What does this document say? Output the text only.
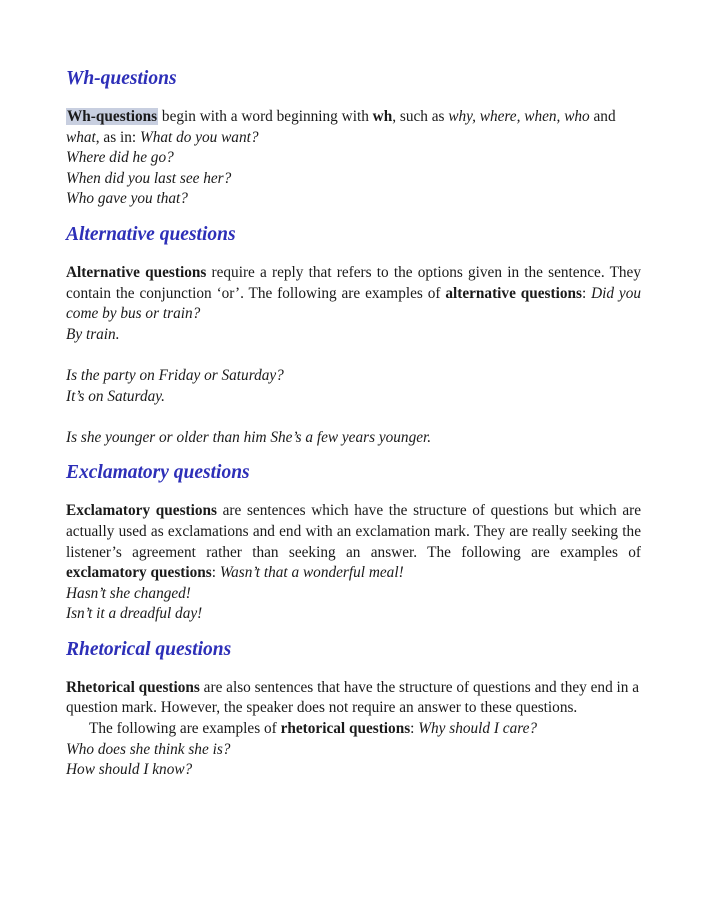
Wh-questions

Wh-questions begin with a word beginning with wh, such as why, where, when, who and what, as in: What do you want?

Where did he go?

When did you last see her?

Who gave you that?

Alternative questions

Alternative questions require a reply that refers to the options given in the sentence. They contain the conjunction ‘or’. The following are examples of alternative questions: Did you come by bus or train?

By train.

Is the party on Friday or Saturday?

It’s on Saturday.

Is she younger or older than him She’s a few years younger.

Exclamatory questions

Exclamatory questions are sentences which have the structure of questions but which are actually used as exclamations and end with an exclamation mark. They are really seeking the listener’s agreement rather than seeking an answer. The following are examples of exclamatory questions: Wasn’t that a wonderful meal!

Hasn’t she changed!

Isn’t it a dreadful day!

Rhetorical questions

Rhetorical questions are also sentences that have the structure of questions and they end in a question mark. However, the speaker does not require an answer to these questions.

The following are examples of rhetorical questions: Why should I care?

Who does she think she is?

How should I know?
